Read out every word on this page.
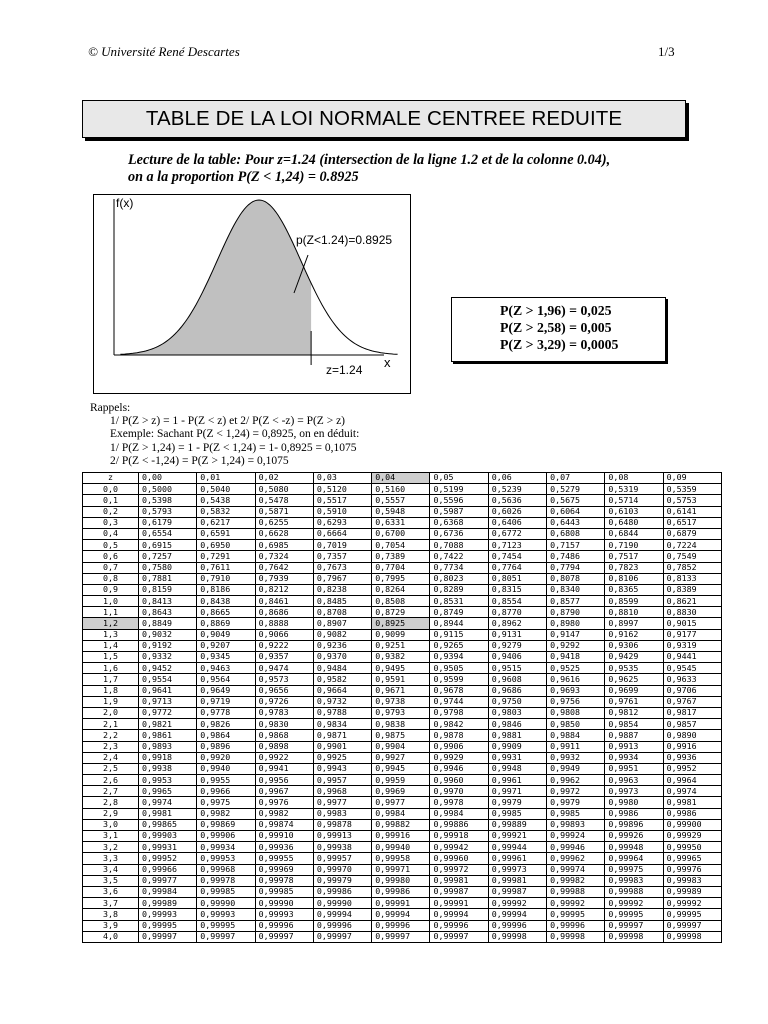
© Université René Descartes	1/3
TABLE DE LA LOI NORMALE CENTREE REDUITE
Lecture de la table: Pour z=1.24 (intersection de la ligne 1.2 et de la colonne 0.04),
on a la proportion P(Z < 1,24) = 0.8925
f(x)
x
p(Z<1.24)=0.8925
z=1.24
P(Z > 1,96) = 0,025
P(Z > 2,58) = 0,005
P(Z > 3,29) = 0,0005
Rappels:
1/ P(Z > z) = 1 - P(Z < z) et 2/ P(Z < -z) = P(Z > z)
Exemple: Sachant P(Z < 1,24) = 0,8925, on en déduit:
1/ P(Z > 1,24) = 1 - P(Z < 1,24) = 1- 0,8925 = 0,1075
2/ P(Z < -1,24) = P(Z > 1,24) = 0,1075
z	0,00	0,01	0,02	0,03	0,04	0,05	0,06	0,07	0,08	0,09
0,0	0,5000	0,5040	0,5080	0,5120	0,5160	0,5199	0,5239	0,5279	0,5319	0,5359
0,1	0,5398	0,5438	0,5478	0,5517	0,5557	0,5596	0,5636	0,5675	0,5714	0,5753
0,2	0,5793	0,5832	0,5871	0,5910	0,5948	0,5987	0,6026	0,6064	0,6103	0,6141
0,3	0,6179	0,6217	0,6255	0,6293	0,6331	0,6368	0,6406	0,6443	0,6480	0,6517
0,4	0,6554	0,6591	0,6628	0,6664	0,6700	0,6736	0,6772	0,6808	0,6844	0,6879
0,5	0,6915	0,6950	0,6985	0,7019	0,7054	0,7088	0,7123	0,7157	0,7190	0,7224
0,6	0,7257	0,7291	0,7324	0,7357	0,7389	0,7422	0,7454	0,7486	0,7517	0,7549
0,7	0,7580	0,7611	0,7642	0,7673	0,7704	0,7734	0,7764	0,7794	0,7823	0,7852
0,8	0,7881	0,7910	0,7939	0,7967	0,7995	0,8023	0,8051	0,8078	0,8106	0,8133
0,9	0,8159	0,8186	0,8212	0,8238	0,8264	0,8289	0,8315	0,8340	0,8365	0,8389
1,0	0,8413	0,8438	0,8461	0,8485	0,8508	0,8531	0,8554	0,8577	0,8599	0,8621
1,1	0,8643	0,8665	0,8686	0,8708	0,8729	0,8749	0,8770	0,8790	0,8810	0,8830
1,2	0,8849	0,8869	0,8888	0,8907	0,8925	0,8944	0,8962	0,8980	0,8997	0,9015
1,3	0,9032	0,9049	0,9066	0,9082	0,9099	0,9115	0,9131	0,9147	0,9162	0,9177
1,4	0,9192	0,9207	0,9222	0,9236	0,9251	0,9265	0,9279	0,9292	0,9306	0,9319
1,5	0,9332	0,9345	0,9357	0,9370	0,9382	0,9394	0,9406	0,9418	0,9429	0,9441
1,6	0,9452	0,9463	0,9474	0,9484	0,9495	0,9505	0,9515	0,9525	0,9535	0,9545
1,7	0,9554	0,9564	0,9573	0,9582	0,9591	0,9599	0,9608	0,9616	0,9625	0,9633
1,8	0,9641	0,9649	0,9656	0,9664	0,9671	0,9678	0,9686	0,9693	0,9699	0,9706
1,9	0,9713	0,9719	0,9726	0,9732	0,9738	0,9744	0,9750	0,9756	0,9761	0,9767
2,0	0,9772	0,9778	0,9783	0,9788	0,9793	0,9798	0,9803	0,9808	0,9812	0,9817
2,1	0,9821	0,9826	0,9830	0,9834	0,9838	0,9842	0,9846	0,9850	0,9854	0,9857
2,2	0,9861	0,9864	0,9868	0,9871	0,9875	0,9878	0,9881	0,9884	0,9887	0,9890
2,3	0,9893	0,9896	0,9898	0,9901	0,9904	0,9906	0,9909	0,9911	0,9913	0,9916
2,4	0,9918	0,9920	0,9922	0,9925	0,9927	0,9929	0,9931	0,9932	0,9934	0,9936
2,5	0,9938	0,9940	0,9941	0,9943	0,9945	0,9946	0,9948	0,9949	0,9951	0,9952
2,6	0,9953	0,9955	0,9956	0,9957	0,9959	0,9960	0,9961	0,9962	0,9963	0,9964
2,7	0,9965	0,9966	0,9967	0,9968	0,9969	0,9970	0,9971	0,9972	0,9973	0,9974
2,8	0,9974	0,9975	0,9976	0,9977	0,9977	0,9978	0,9979	0,9979	0,9980	0,9981
2,9	0,9981	0,9982	0,9982	0,9983	0,9984	0,9984	0,9985	0,9985	0,9986	0,9986
3,0	0,99865	0,99869	0,99874	0,99878	0,99882	0,99886	0,99889	0,99893	0,99896	0,99900
3,1	0,99903	0,99906	0,99910	0,99913	0,99916	0,99918	0,99921	0,99924	0,99926	0,99929
3,2	0,99931	0,99934	0,99936	0,99938	0,99940	0,99942	0,99944	0,99946	0,99948	0,99950
3,3	0,99952	0,99953	0,99955	0,99957	0,99958	0,99960	0,99961	0,99962	0,99964	0,99965
3,4	0,99966	0,99968	0,99969	0,99970	0,99971	0,99972	0,99973	0,99974	0,99975	0,99976
3,5	0,99977	0,99978	0,99978	0,99979	0,99980	0,99981	0,99981	0,99982	0,99983	0,99983
3,6	0,99984	0,99985	0,99985	0,99986	0,99986	0,99987	0,99987	0,99988	0,99988	0,99989
3,7	0,99989	0,99990	0,99990	0,99990	0,99991	0,99991	0,99992	0,99992	0,99992	0,99992
3,8	0,99993	0,99993	0,99993	0,99994	0,99994	0,99994	0,99994	0,99995	0,99995	0,99995
3,9	0,99995	0,99995	0,99996	0,99996	0,99996	0,99996	0,99996	0,99996	0,99997	0,99997
4,0	0,99997	0,99997	0,99997	0,99997	0,99997	0,99997	0,99998	0,99998	0,99998	0,99998
